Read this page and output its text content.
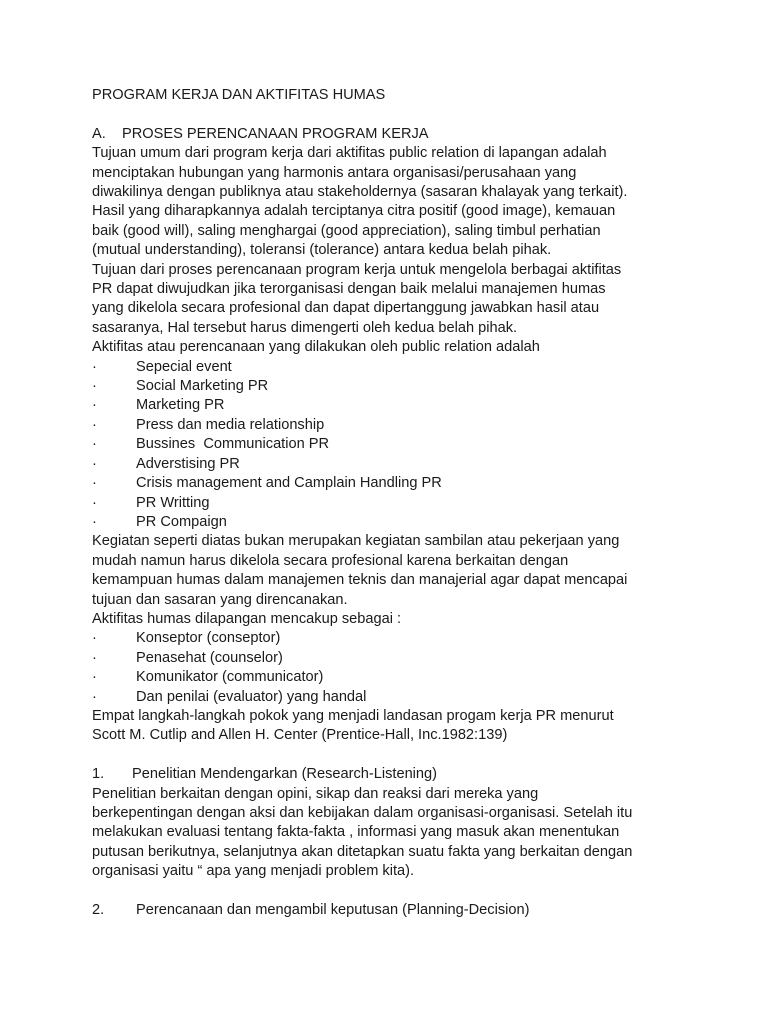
PROGRAM KERJA DAN AKTIFITAS HUMAS
A.	PROSES PERENCANAAN PROGRAM KERJA
Tujuan umum dari program kerja dari aktifitas public relation di lapangan adalah
menciptakan hubungan yang harmonis antara organisasi/perusahaan yang
diwakilinya dengan publiknya atau stakeholdernya (sasaran khalayak yang terkait).
Hasil yang diharapkannya adalah terciptanya citra positif (good image), kemauan
baik (good will), saling menghargai (good appreciation), saling timbul perhatian
(mutual understanding), toleransi (tolerance) antara kedua belah pihak.
Tujuan dari proses perencanaan program kerja untuk mengelola berbagai aktifitas
PR dapat diwujudkan jika terorganisasi dengan baik melalui manajemen humas
yang dikelola secara profesional dan dapat dipertanggung jawabkan hasil atau
sasaranya, Hal tersebut harus dimengerti oleh kedua belah pihak.
Aktifitas atau perencanaan yang dilakukan oleh public relation adalah
·	Sepecial event
·	Social Marketing PR
·	Marketing PR
·	Press dan media relationship
·	Bussines  Communication PR
·	Adverstising PR
·	Crisis management and Camplain Handling PR
·	PR Writting
·	PR Compaign
Kegiatan seperti diatas bukan merupakan kegiatan sambilan atau pekerjaan yang
mudah namun harus dikelola secara profesional karena berkaitan dengan
kemampuan humas dalam manajemen teknis dan manajerial agar dapat mencapai
tujuan dan sasaran yang direncanakan.
Aktifitas humas dilapangan mencakup sebagai :
·	Konseptor (conseptor)
·	Penasehat (counselor)
·	Komunikator (communicator)
·	Dan penilai (evaluator) yang handal
Empat langkah-langkah pokok yang menjadi landasan progam kerja PR menurut
Scott M. Cutlip and Allen H. Center (Prentice-Hall, Inc.1982:139)
1.	Penelitian Mendengarkan (Research-Listening)
Penelitian berkaitan dengan opini, sikap dan reaksi dari mereka yang
berkepentingan dengan aksi dan kebijakan dalam organisasi-organisasi. Setelah itu
melakukan evaluasi tentang fakta-fakta , informasi yang masuk akan menentukan
putusan berikutnya, selanjutnya akan ditetapkan suatu fakta yang berkaitan dengan
organisasi yaitu “ apa yang menjadi problem kita).
2.	Perencanaan dan mengambil keputusan (Planning-Decision)
